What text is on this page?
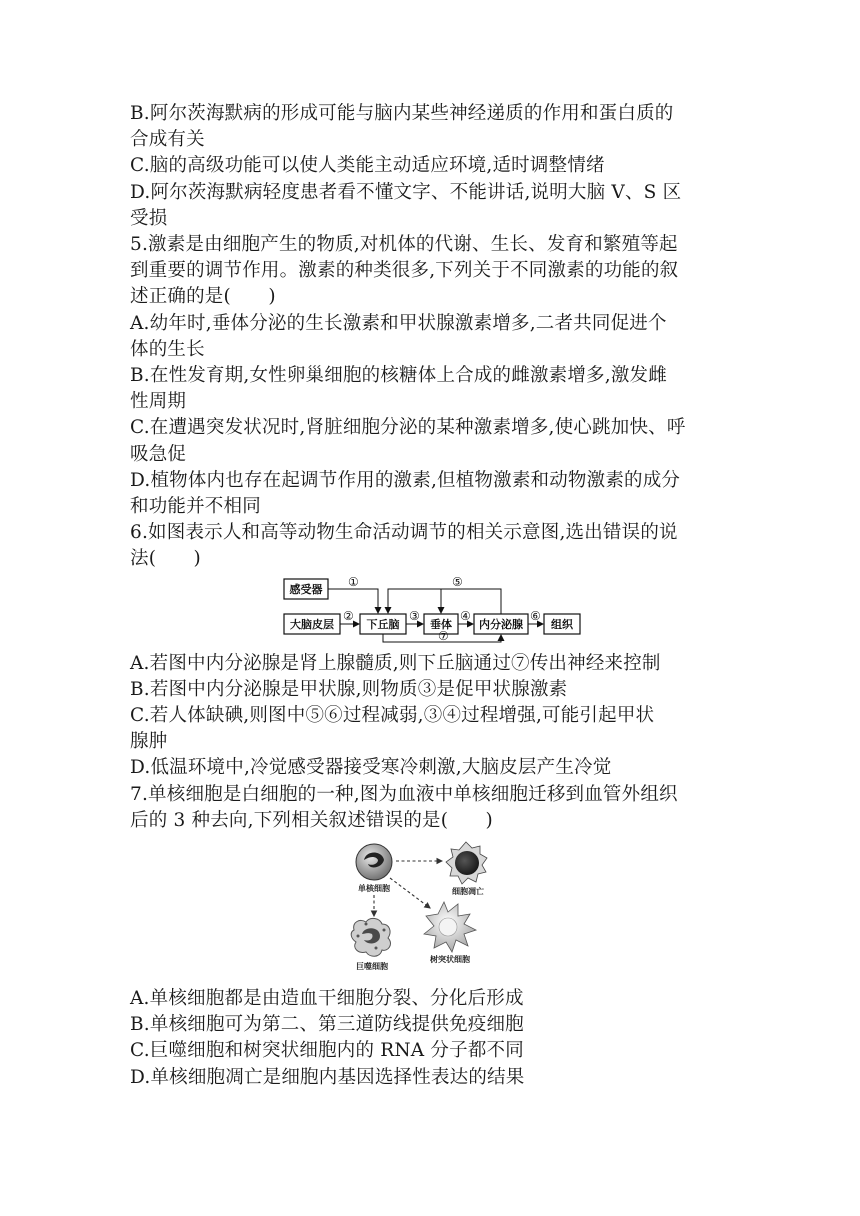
B.阿尔茨海默病的形成可能与脑内某些神经递质的作用和蛋白质的
合成有关
C.脑的高级功能可以使人类能主动适应环境,适时调整情绪
D.阿尔茨海默病轻度患者看不懂文字、不能讲话,说明大脑 V、S 区
受损
5.激素是由细胞产生的物质,对机体的代谢、生长、发育和繁殖等起
到重要的调节作用。激素的种类很多,下列关于不同激素的功能的叙
述正确的是(　　)
A.幼年时,垂体分泌的生长激素和甲状腺激素增多,二者共同促进个
体的生长
B.在性发育期,女性卵巢细胞的核糖体上合成的雌激素增多,激发雌
性周期
C.在遭遇突发状况时,肾脏细胞分泌的某种激素增多,使心跳加快、呼
吸急促
D.植物体内也存在起调节作用的激素,但植物激素和动物激素的成分
和功能并不相同
6.如图表示人和高等动物生命活动调节的相关示意图,选出错误的说
法(　　)
感受器
大脑皮层	下丘脑	垂体 内分泌腺	组织
①
②	③	④
⑤
⑥
⑦
A.若图中内分泌腺是肾上腺髓质,则下丘脑通过⑦传出神经来控制
B.若图中内分泌腺是甲状腺,则物质③是促甲状腺激素
C.若人体缺碘,则图中⑤⑥过程减弱,③④过程增强,可能引起甲状
腺肿
D.低温环境中,冷觉感受器接受寒冷刺激,大脑皮层产生冷觉
7.单核细胞是白细胞的一种,图为血液中单核细胞迁移到血管外组织
后的 3 种去向,下列相关叙述错误的是(　　)
单核细胞	细胞凋亡
巨噬细胞
树突状细胞
A.单核细胞都是由造血干细胞分裂、分化后形成
B.单核细胞可为第二、第三道防线提供免疫细胞
C.巨噬细胞和树突状细胞内的 RNA 分子都不同
D.单核细胞凋亡是细胞内基因选择性表达的结果
